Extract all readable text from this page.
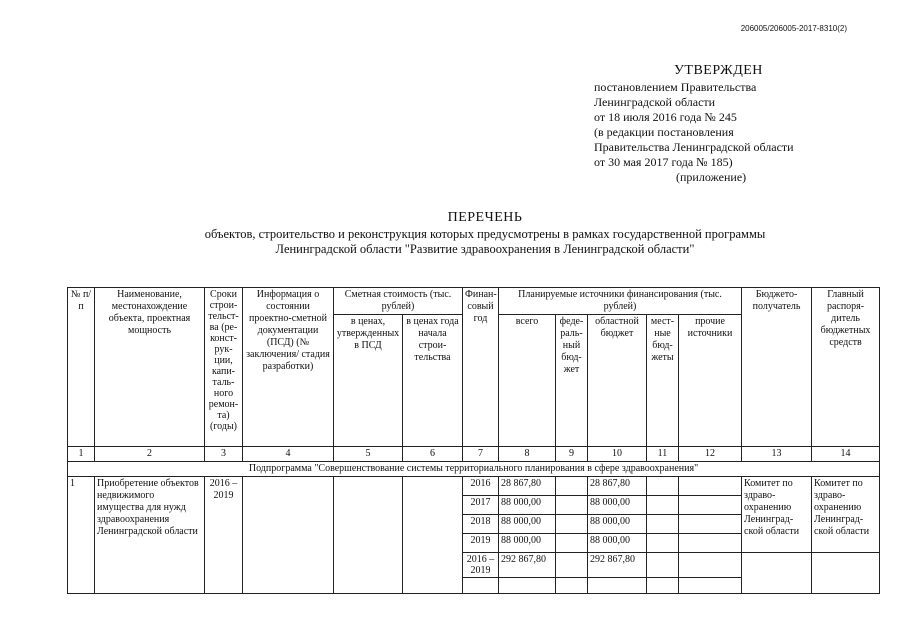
206005/206005-2017-8310(2)
УТВЕРЖДЕН
постановлением Правительства
Ленинградской области
от 18 июля 2016 года № 245
(в редакции постановления
Правительства Ленинградской области
от 30 мая 2017 года № 185)
(приложение)
ПЕРЕЧЕНЬ
объектов, строительство и реконструкция которых предусмотрены в рамках государственной программы
Ленинградской области "Развитие здравоохранения в Ленинградской области"
№ п/п	Наименование, местонахождение объекта, проектная мощность	Сроки строи-тельст-ва (ре-конст-рук-ции, капи-таль-ного ремон-та) (годы)	Информация о состоянии проектно-сметной документации (ПСД) (№ заключения/ стадия разработки)	Сметная стоимость (тыс. рублей)		Финан-совый год	Планируемые источники финансирования (тыс. рублей)					Бюджето-получатель	Главный распоря-дитель бюджетных средств
				в ценах, утвержденных в ПСД	в ценах года начала строи-тельства		всего	феде-раль-ный бюд-жет	областной бюджет	мест-ные бюд-жеты	прочие источники		
1	2	3	4	5	6	7	8	9	10	11	12	13	14
Подпрограмма "Совершенствование системы территориального планирования в сфере здравоохранения"													
1	Приобретение объектов недвижимого имущества для нужд здравоохранения Ленинградской области	2016 – 2019				2016	28 867,80		28 867,80			Комитет по здраво-охранению Ленинград-ской области	Комитет по здраво-охранению Ленинград-ской области
						2017	88 000,00		88 000,00				
						2018	88 000,00		88 000,00				
						2019	88 000,00		88 000,00				
						2016 – 2019	292 867,80		292 867,80				
